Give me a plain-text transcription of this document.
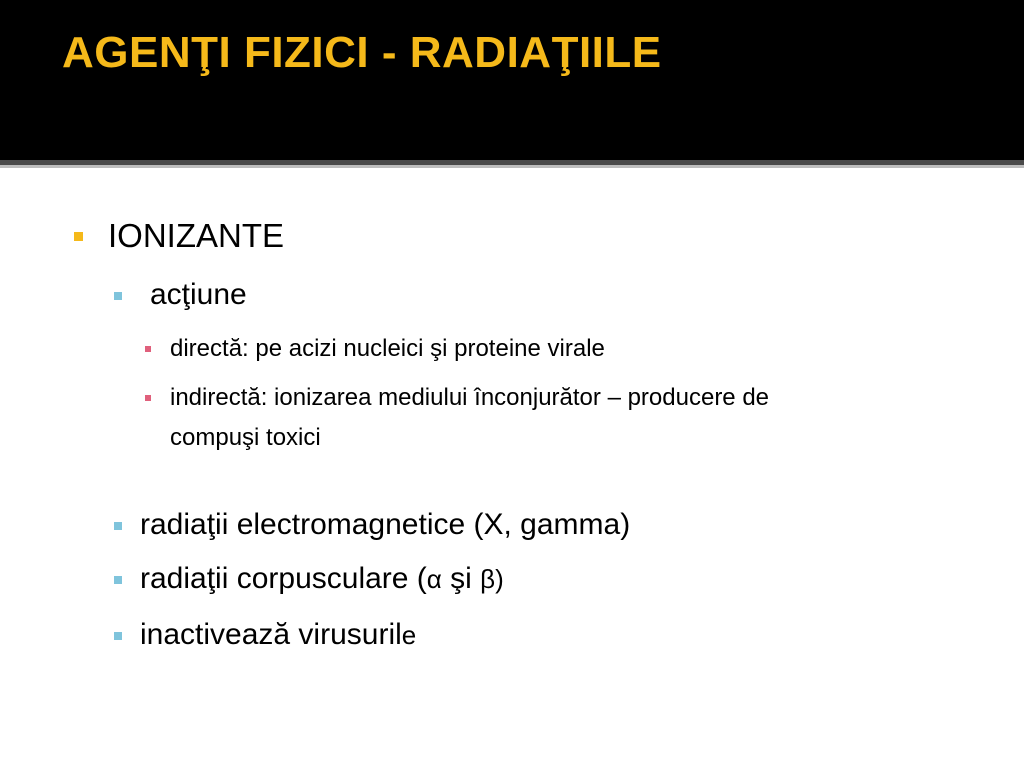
AGENŢI FIZICI - RADIAŢIILE
IONIZANTE
acţiune
directă: pe acizi nucleici şi proteine virale
indirectă: ionizarea mediului înconjurător – producere de compuşi toxici
radiaţii electromagnetice (X, gamma)
radiaţii corpusculare (α şi β)
inactivează virusurile
